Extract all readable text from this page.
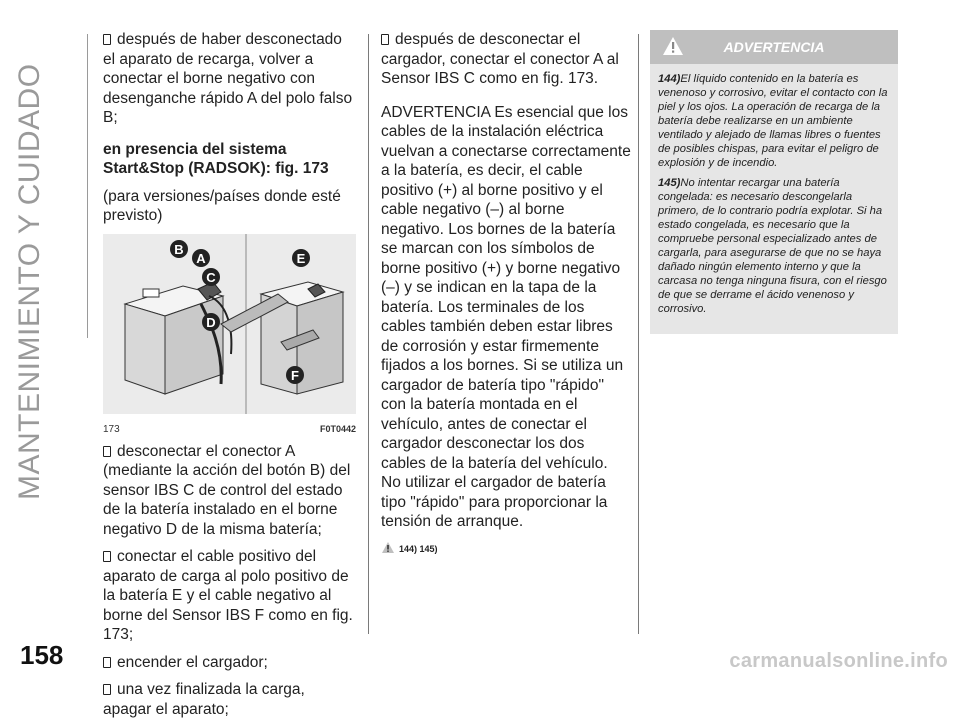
MANTENIMIENTO Y CUIDADO

después de haber desconectado el aparato de recarga, volver a conectar el borne negativo con desenganche rápido A del polo falso B;

en presencia del sistema Start&Stop (RADSOK): fig. 173

(para versiones/países donde esté previsto)

B
A
C
D
E
F
173	F0T0442

desconectar el conector A (mediante la acción del botón B) del sensor IBS C de control del estado de la batería instalado en el borne negativo D de la misma batería;

conectar el cable positivo del aparato de carga al polo positivo de la batería E y el cable negativo al borne del Sensor IBS F como en fig. 173;

encender el cargador;

una vez finalizada la carga, apagar el aparato;

después de desconectar el cargador, conectar el conector A al Sensor IBS C como en fig. 173.

ADVERTENCIA Es esencial que los cables de la instalación eléctrica vuelvan a conectarse correctamente a la batería, es decir, el cable positivo (+) al borne positivo y el cable negativo (–) al borne negativo. Los bornes de la batería se marcan con los símbolos de borne positivo (+) y borne negativo (–) y se indican en la tapa de la batería. Los terminales de los cables también deben estar libres de corrosión y estar firmemente fijados a los bornes. Si se utiliza un cargador de batería tipo "rápido" con la batería montada en el vehículo, antes de conectar el cargador desconectar los dos cables de la batería del vehículo. No utilizar el cargador de batería tipo "rápido" para proporcionar la tensión de arranque.

144) 145)
ADVERTENCIA

144)El líquido contenido en la batería es venenoso y corrosivo, evitar el contacto con la piel y los ojos. La operación de recarga de la batería debe realizarse en un ambiente ventilado y alejado de llamas libres o fuentes de posibles chispas, para evitar el peligro de explosión y de incendio.

145)No intentar recargar una batería congelada: es necesario descongelarla primero, de lo contrario podría explotar. Si ha estado congelada, es necesario que la compruebe personal especializado antes de cargarla, para asegurarse de que no se haya dañado ningún elemento interno y que la carcasa no tenga ninguna fisura, con el riesgo de que se derrame el ácido venenoso y corrosivo.

158	carmanualsonline.info
